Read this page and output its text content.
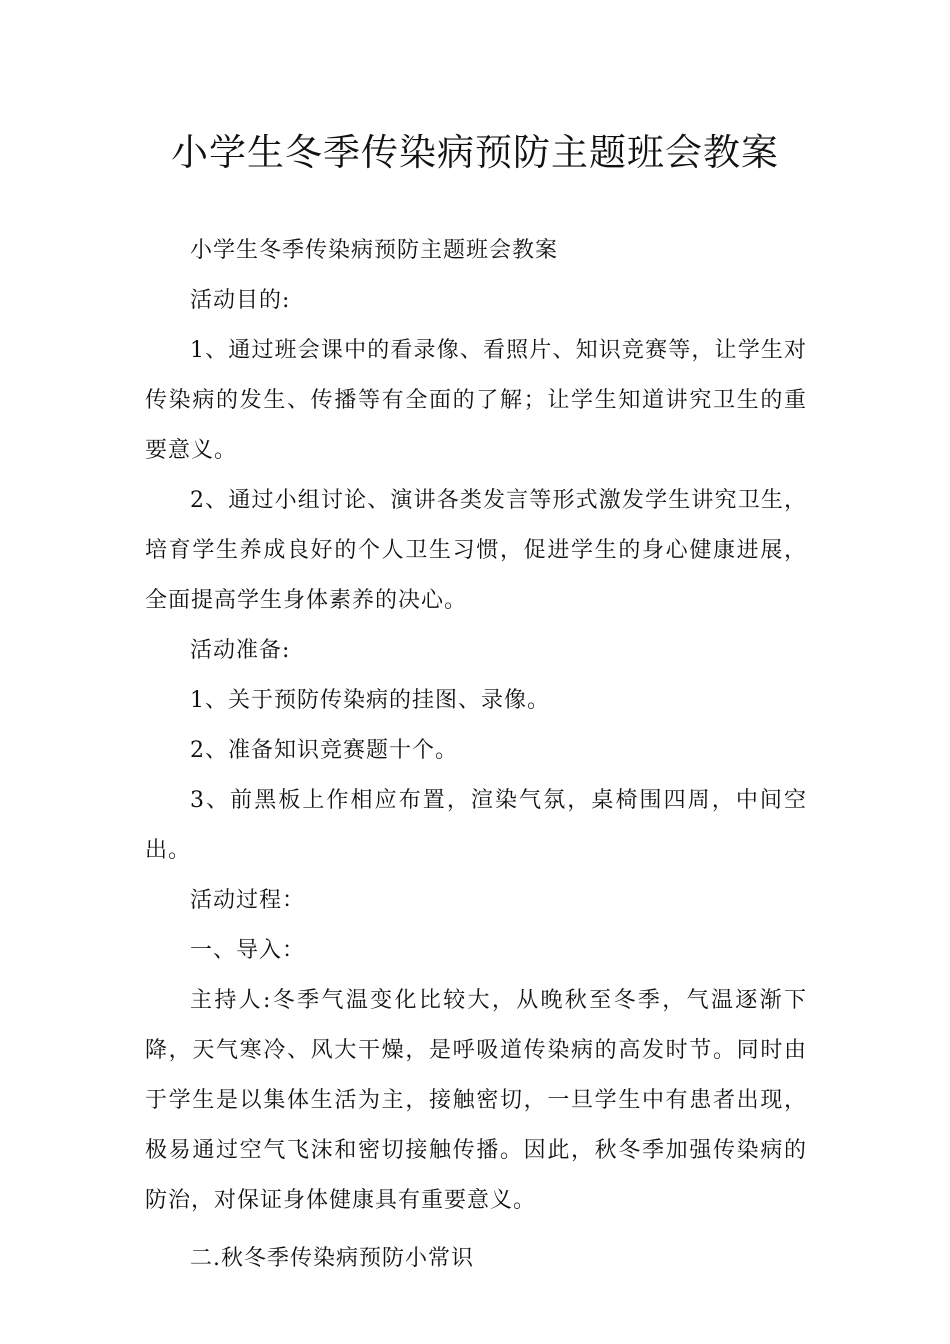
小学生冬季传染病预防主题班会教案

小学生冬季传染病预防主题班会教案

活动目的:

1、通过班会课中的看录像、看照片、知识竞赛等，让学生对传染病的发生、传播等有全面的了解；让学生知道讲究卫生的重要意义。

2、通过小组讨论、演讲各类发言等形式激发学生讲究卫生，培育学生养成良好的个人卫生习惯，促进学生的身心健康进展，全面提高学生身体素养的决心。

活动准备:

1、关于预防传染病的挂图、录像。

2、准备知识竞赛题十个。

3、前黑板上作相应布置，渲染气氛，桌椅围四周，中间空出。

活动过程：

一、导入：

主持人:冬季气温变化比较大，从晚秋至冬季，气温逐渐下降，天气寒冷、风大干燥，是呼吸道传染病的高发时节。同时由于学生是以集体生活为主，接触密切，一旦学生中有患者出现，极易通过空气飞沫和密切接触传播。因此，秋冬季加强传染病的防治，对保证身体健康具有重要意义。

二.秋冬季传染病预防小常识
